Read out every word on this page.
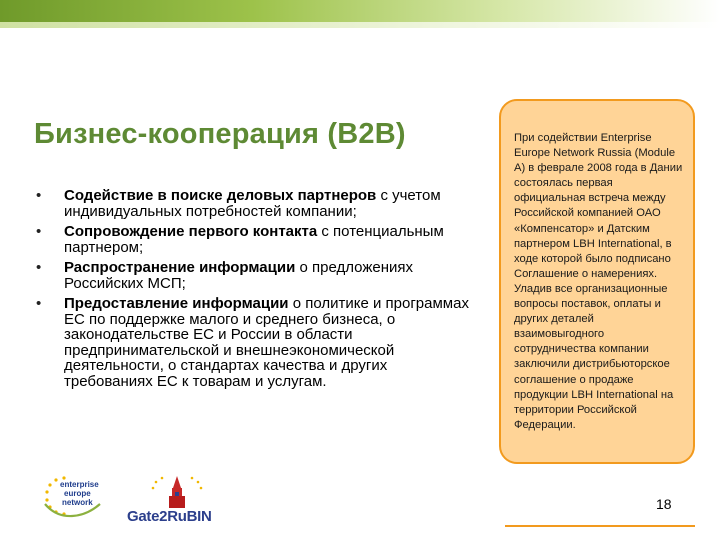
Бизнес-кооперация (B2B)
• Содействие в поиске деловых партнеров с учетом индивидуальных потребностей компании;
• Сопровождение первого контакта с потенциальным партнером;
• Распространение информации о предложениях Российских МСП;
• Предоставление информации о политике и программах ЕС по поддержке малого и среднего бизнеса, о законодательстве ЕС и России в области предпринимательской и внешнеэкономической деятельности, о стандартах качества и других требованиях ЕС к товарам и услугам.

При содействии Enterprise Europe Network Russia (Module A) в феврале 2008 года в Дании состоялась первая официальная встреча между Российской компанией ОАО «Компенсатор» и Датским партнером LBH International, в ходе которой было подписано Соглашение о намерениях. Уладив все организационные вопросы поставок, оплаты и других деталей взаимовыгодного сотрудничества компании заключили дистрибьюторское соглашение о продаже продукции LBH International на территории Российской Федерации.

18
enterprise
europe
network
Gate2RuBIN
